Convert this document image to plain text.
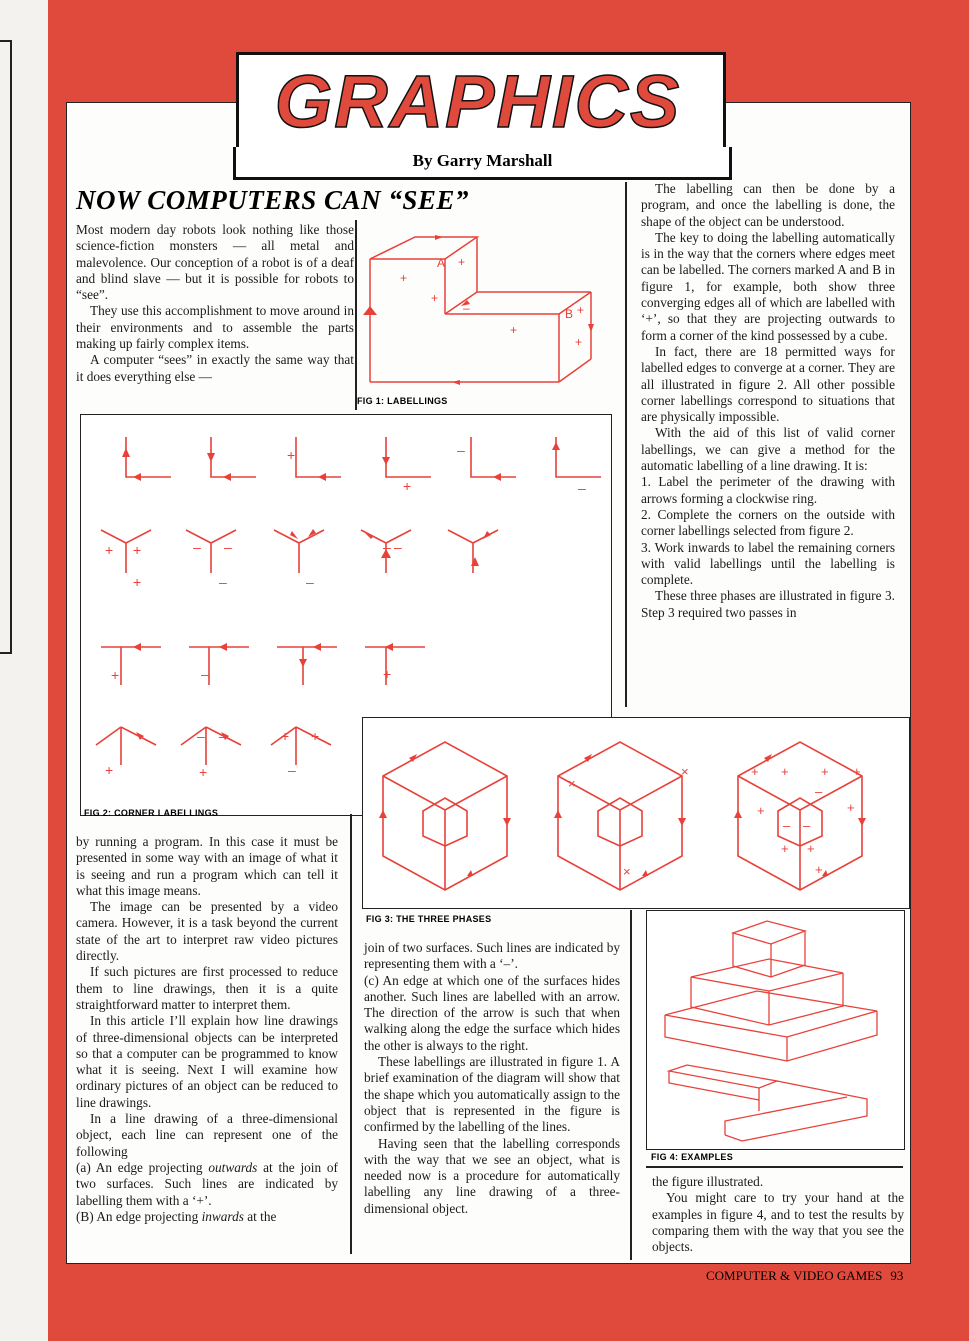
GRAPHICS
By Garry Marshall
NOW COMPUTERS CAN “SEE”

Most modern day robots look nothing like those science-fiction monsters — all metal and malevolence. Our conception of a robot is of a deaf and blind slave — but it is possible for robots to “see”.

They use this accomplishment to move around in their environments and to assemble the parts making up fairly complex items.

A computer “sees” in exactly the same way that it does everything else —

A
B
+
+
+
–
+
+
+
FIG 1: LABELLINGS

The labelling can then be done by a program, and once the labelling is done, the shape of the object can be understood.

The key to doing the labelling automatically is in the way that the corners where edges meet can be labelled. The corners marked A and B in figure 1, for example, both show three converging edges all of which are labelled with ‘+’, so that they are projecting outwards to form a corner of the kind possessed by a cube.

In fact, there are 18 permitted ways for labelled edges to converge at a corner. They are all illustrated in figure 2. All other possible corner labellings correspond to situations that are physically impossible.

With the aid of this list of valid corner labellings, we can give a method for the automatic labelling of a line drawing. It is:

1. Label the perimeter of the drawing with arrows forming a clockwise ring.

2. Complete the corners on the outside with corner labellings selected from figure 2.

3. Work inwards to label the remaining corners with valid labellings until the labelling is complete.

These three phases are illustrated in figure 3. Step 3 required two passes in

+
+
–
–
+ +
+
– –
–	–
– –
+	–	+
+
– –
+
+ +
–
FIG 2: CORNER LABELLINGS
×
×
×
+ + + +
+	+
–
– –
+ +
+
FIG 3: THE THREE PHASES

by running a program. In this case it must be presented in some way with an image of what it is seeing and run a program which can tell it what this image means.

The image can be presented by a video camera. However, it is a task beyond the current state of the art to interpret raw video pictures directly.

If such pictures are first processed to reduce them to line drawings, then it is a quite straightforward matter to interpret them.

In this article I’ll explain how line drawings of three-dimensional objects can be interpreted so that a computer can be programmed to know what it is seeing. Next I will examine how ordinary pictures of an object can be reduced to line drawings.

In a line drawing of a three-dimensional object, each line can represent one of the following

(a) An edge projecting outwards at the join of two surfaces. Such lines are indicated by labelling them with a ‘+’.

(B) An edge projecting inwards at the

join of two surfaces. Such lines are indicated by representing them with a ‘–’.

(c) An edge at which one of the surfaces hides another. Such lines are labelled with an arrow. The direction of the arrow is such that when walking along the edge the surface which hides the other is always to the right.

These labellings are illustrated in figure 1. A brief examination of the diagram will show that the shape which you automatically assign to the object that is represented in the figure is confirmed by the labelling of the lines.

Having seen that the labelling corresponds with the way that we see an object, what is needed now is a procedure for automatically labelling any line drawing of a three-dimensional object.

FIG 4: EXAMPLES

the figure illustrated.

You might care to try your hand at the examples in figure 4, and to test the results by comparing them with the way that you see the objects.

COMPUTER & VIDEO GAMES 93
